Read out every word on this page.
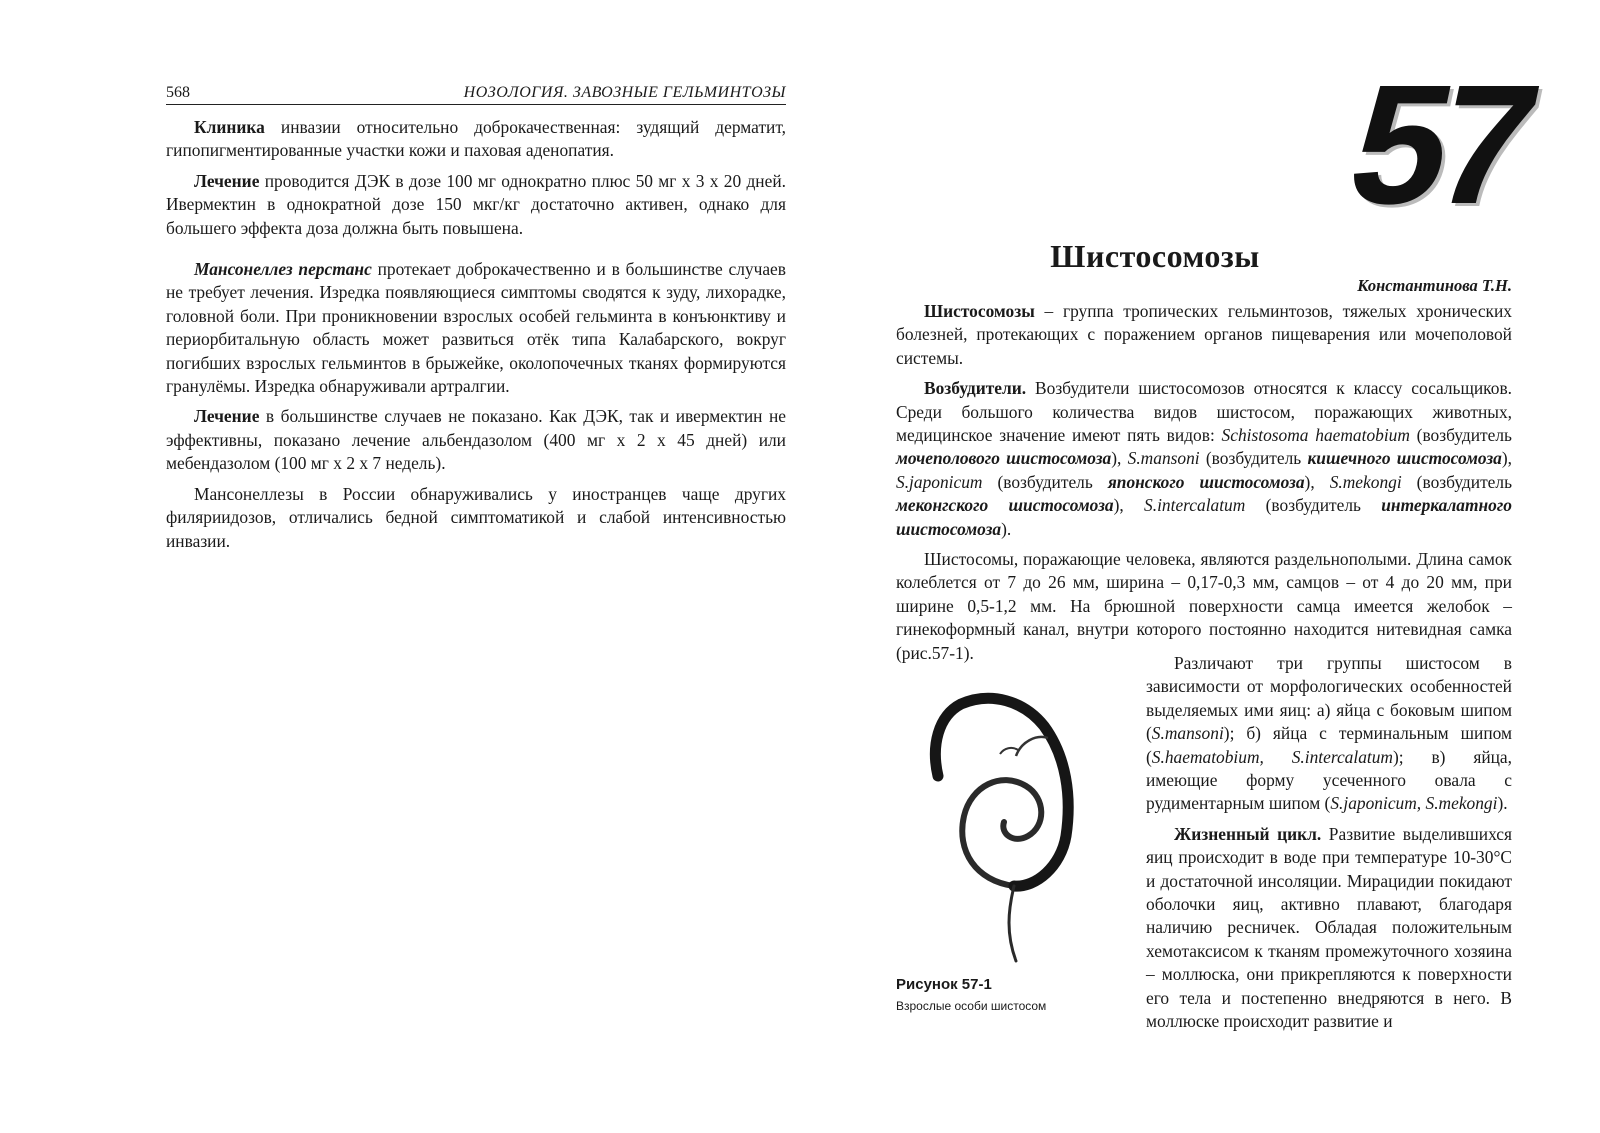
568	НОЗОЛОГИЯ. ЗАВОЗНЫЕ ГЕЛЬМИНТОЗЫ

Клиника инвазии относительно доброкачественная: зудящий дерматит, гипопигментированные участки кожи и паховая аденопатия.

Лечение проводится ДЭК в дозе 100 мг однократно плюс 50 мг х 3 х 20 дней. Ивермектин в однократной дозе 150 мкг/кг достаточно активен, однако для большего эффекта доза должна быть повышена.

Мансонеллез перстанс протекает доброкачественно и в большинстве случаев не требует лечения. Изредка появляющиеся симптомы сводятся к зуду, лихорадке, головной боли. При проникновении взрослых особей гельминта в конъюнктиву и периорбитальную область может развиться отёк типа Калабарского, вокруг погибших взрослых гельминтов в брыжейке, околопочечных тканях формируются гранулёмы. Изредка обнаруживали артралгии.

Лечение в большинстве случаев не показано. Как ДЭК, так и ивермектин не эффективны, показано лечение альбендазолом (400 мг х 2 х 45 дней) или мебендазолом (100 мг х 2 х 7 недель).

Мансонеллезы в России обнаруживались у иностранцев чаще других филяриидозов, отличались бедной симптоматикой и слабой интенсивностью инвазии.

57
Шистосомозы
Константинова Т.Н.

Шистосомозы – группа тропических гельминтозов, тяжелых хронических болезней, протекающих с поражением органов пищеварения или мочеполовой системы.

Возбудители. Возбудители шистосомозов относятся к классу сосальщиков. Среди большого количества видов шистосом, поражающих животных, медицинское значение имеют пять видов: Schistosoma haematobium (возбудитель мочеполового шистосомоза), S.mansoni (возбудитель кишечного шистосомоза), S.japonicum (возбудитель японского шистосомоза), S.mekongi (возбудитель меконгского шистосомоза), S.intercalatum (возбудитель интеркалатного шистосомоза).

Шистосомы, поражающие человека, являются раздельнополыми. Длина самок колеблется от 7 до 26 мм, ширина – 0,17-0,3 мм, самцов – от 4 до 20 мм, при ширине 0,5-1,2 мм. На брюшной поверхности самца имеется желобок – гинекоформный канал, внутри которого постоянно находится нитевидная самка (рис.57-1).

Рисунок 57-1
Взрослые особи шистосом

Различают три группы шистосом в зависимости от морфологических особенностей выделяемых ими яиц: а) яйца с боковым шипом (S.mansoni); б) яйца с терминальным шипом (S.haematobium, S.intercalatum); в) яйца, имеющие форму усеченного овала с рудиментарным шипом (S.japonicum, S.mekongi).

Жизненный цикл. Развитие выделившихся яиц происходит в воде при температуре 10-30°С и достаточной инсоляции. Мирацидии покидают оболочки яиц, активно плавают, благодаря наличию ресничек. Обладая положительным хемотаксисом к тканям промежуточного хозяина – моллюска, они прикрепляются к поверхности его тела и постепенно внедряются в него. В моллюске происходит развитие и
